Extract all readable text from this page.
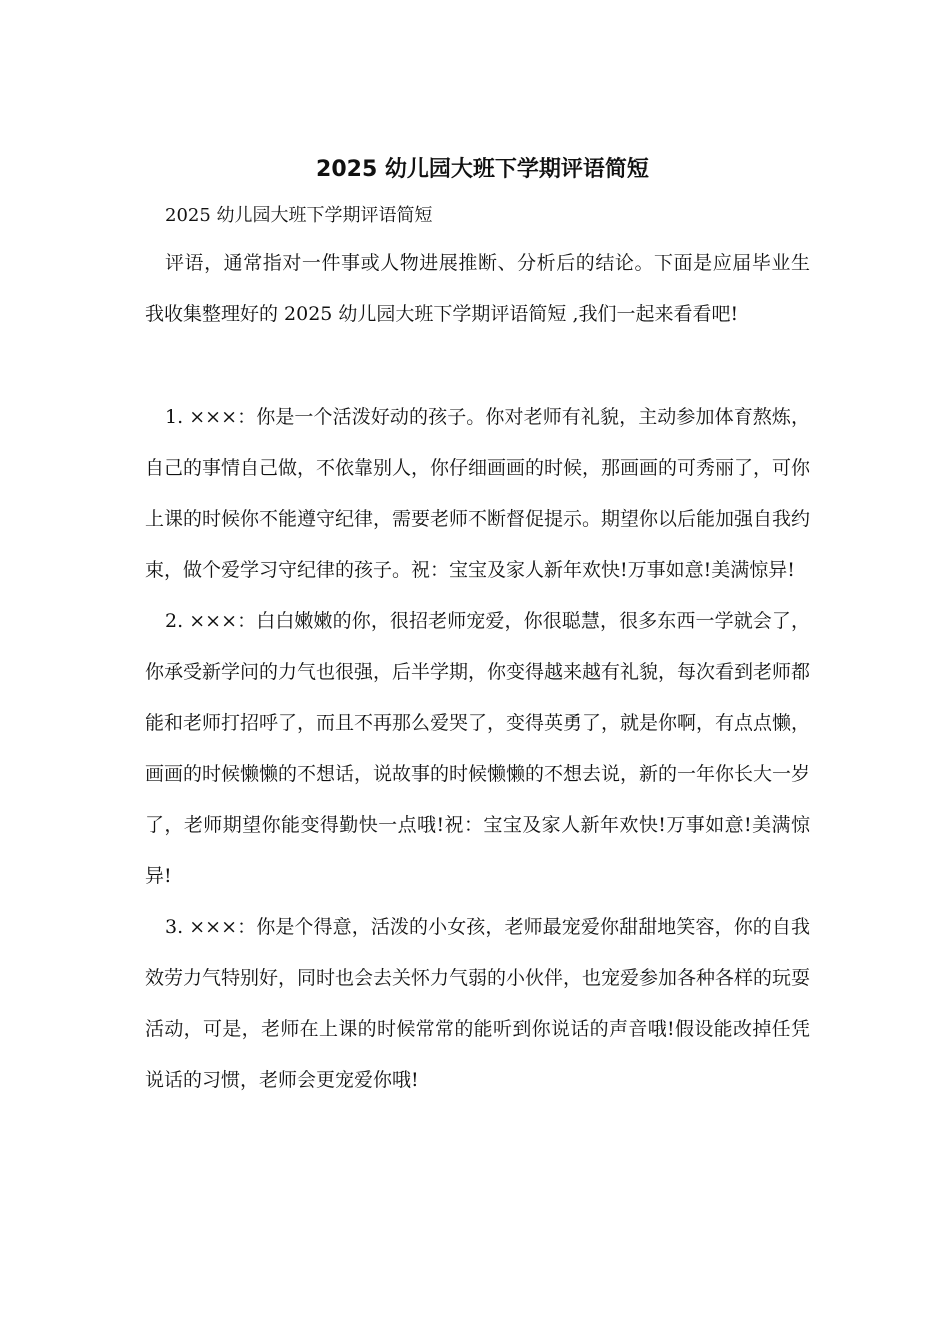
2025 幼儿园大班下学期评语简短

2025 幼儿园大班下学期评语简短

评语，通常指对一件事或人物进展推断、分析后的结论。下面是应届毕业生我收集整理好的 2025 幼儿园大班下学期评语简短 ,我们一起来看看吧!

1. ×××：你是一个活泼好动的孩子。你对老师有礼貌，主动参加体育熬炼，自己的事情自己做，不依靠别人，你仔细画画的时候，那画画的可秀丽了，可你上课的时候你不能遵守纪律，需要老师不断督促提示。期望你以后能加强自我约束，做个爱学习守纪律的孩子。祝：宝宝及家人新年欢快!万事如意!美满惊异!

2. ×××：白白嫩嫩的你，很招老师宠爱，你很聪慧，很多东西一学就会了，你承受新学问的力气也很强，后半学期，你变得越来越有礼貌，每次看到老师都能和老师打招呼了，而且不再那么爱哭了，变得英勇了，就是你啊，有点点懒，画画的时候懒懒的不想话，说故事的时候懒懒的不想去说，新的一年你长大一岁了，老师期望你能变得勤快一点哦!祝：宝宝及家人新年欢快!万事如意!美满惊异!

3. ×××：你是个得意，活泼的小女孩，老师最宠爱你甜甜地笑容，你的自我效劳力气特别好，同时也会去关怀力气弱的小伙伴，也宠爱参加各种各样的玩耍活动，可是，老师在上课的时候常常的能听到你说话的声音哦!假设能改掉任凭说话的习惯，老师会更宠爱你哦!
